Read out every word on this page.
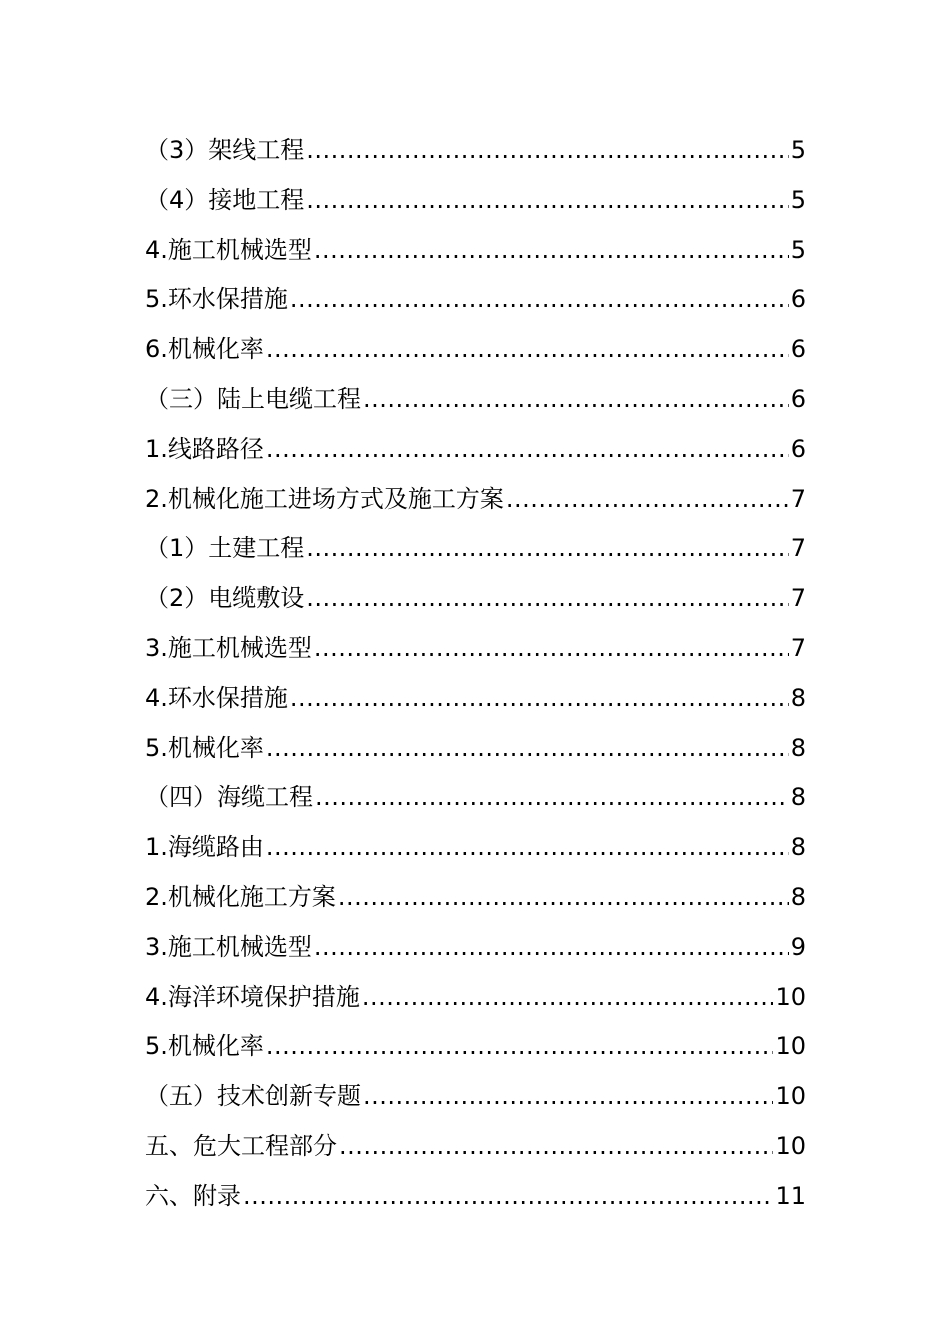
（3）架线工程 .....	5
（4）接地工程 .....	5
4.施工机械选型 .....	5
5.环水保措施 .....	6
6.机械化率 .....	6
（三）陆上电缆工程 .....	6
1.线路路径 .....	6
2.机械化施工进场方式及施工方案 .....	7
（1）土建工程 .....	7
（2）电缆敷设 .....	7
3.施工机械选型 .....	7
4.环水保措施 .....	8
5.机械化率 .....	8
（四）海缆工程 .....	8
1.海缆路由 .....	8
2.机械化施工方案 .....	8
3.施工机械选型 .....	9
4.海洋环境保护措施 .....	10
5.机械化率 .....	10
（五）技术创新专题 .....	10
五、危大工程部分 .....	10
六、附录 .....	11
